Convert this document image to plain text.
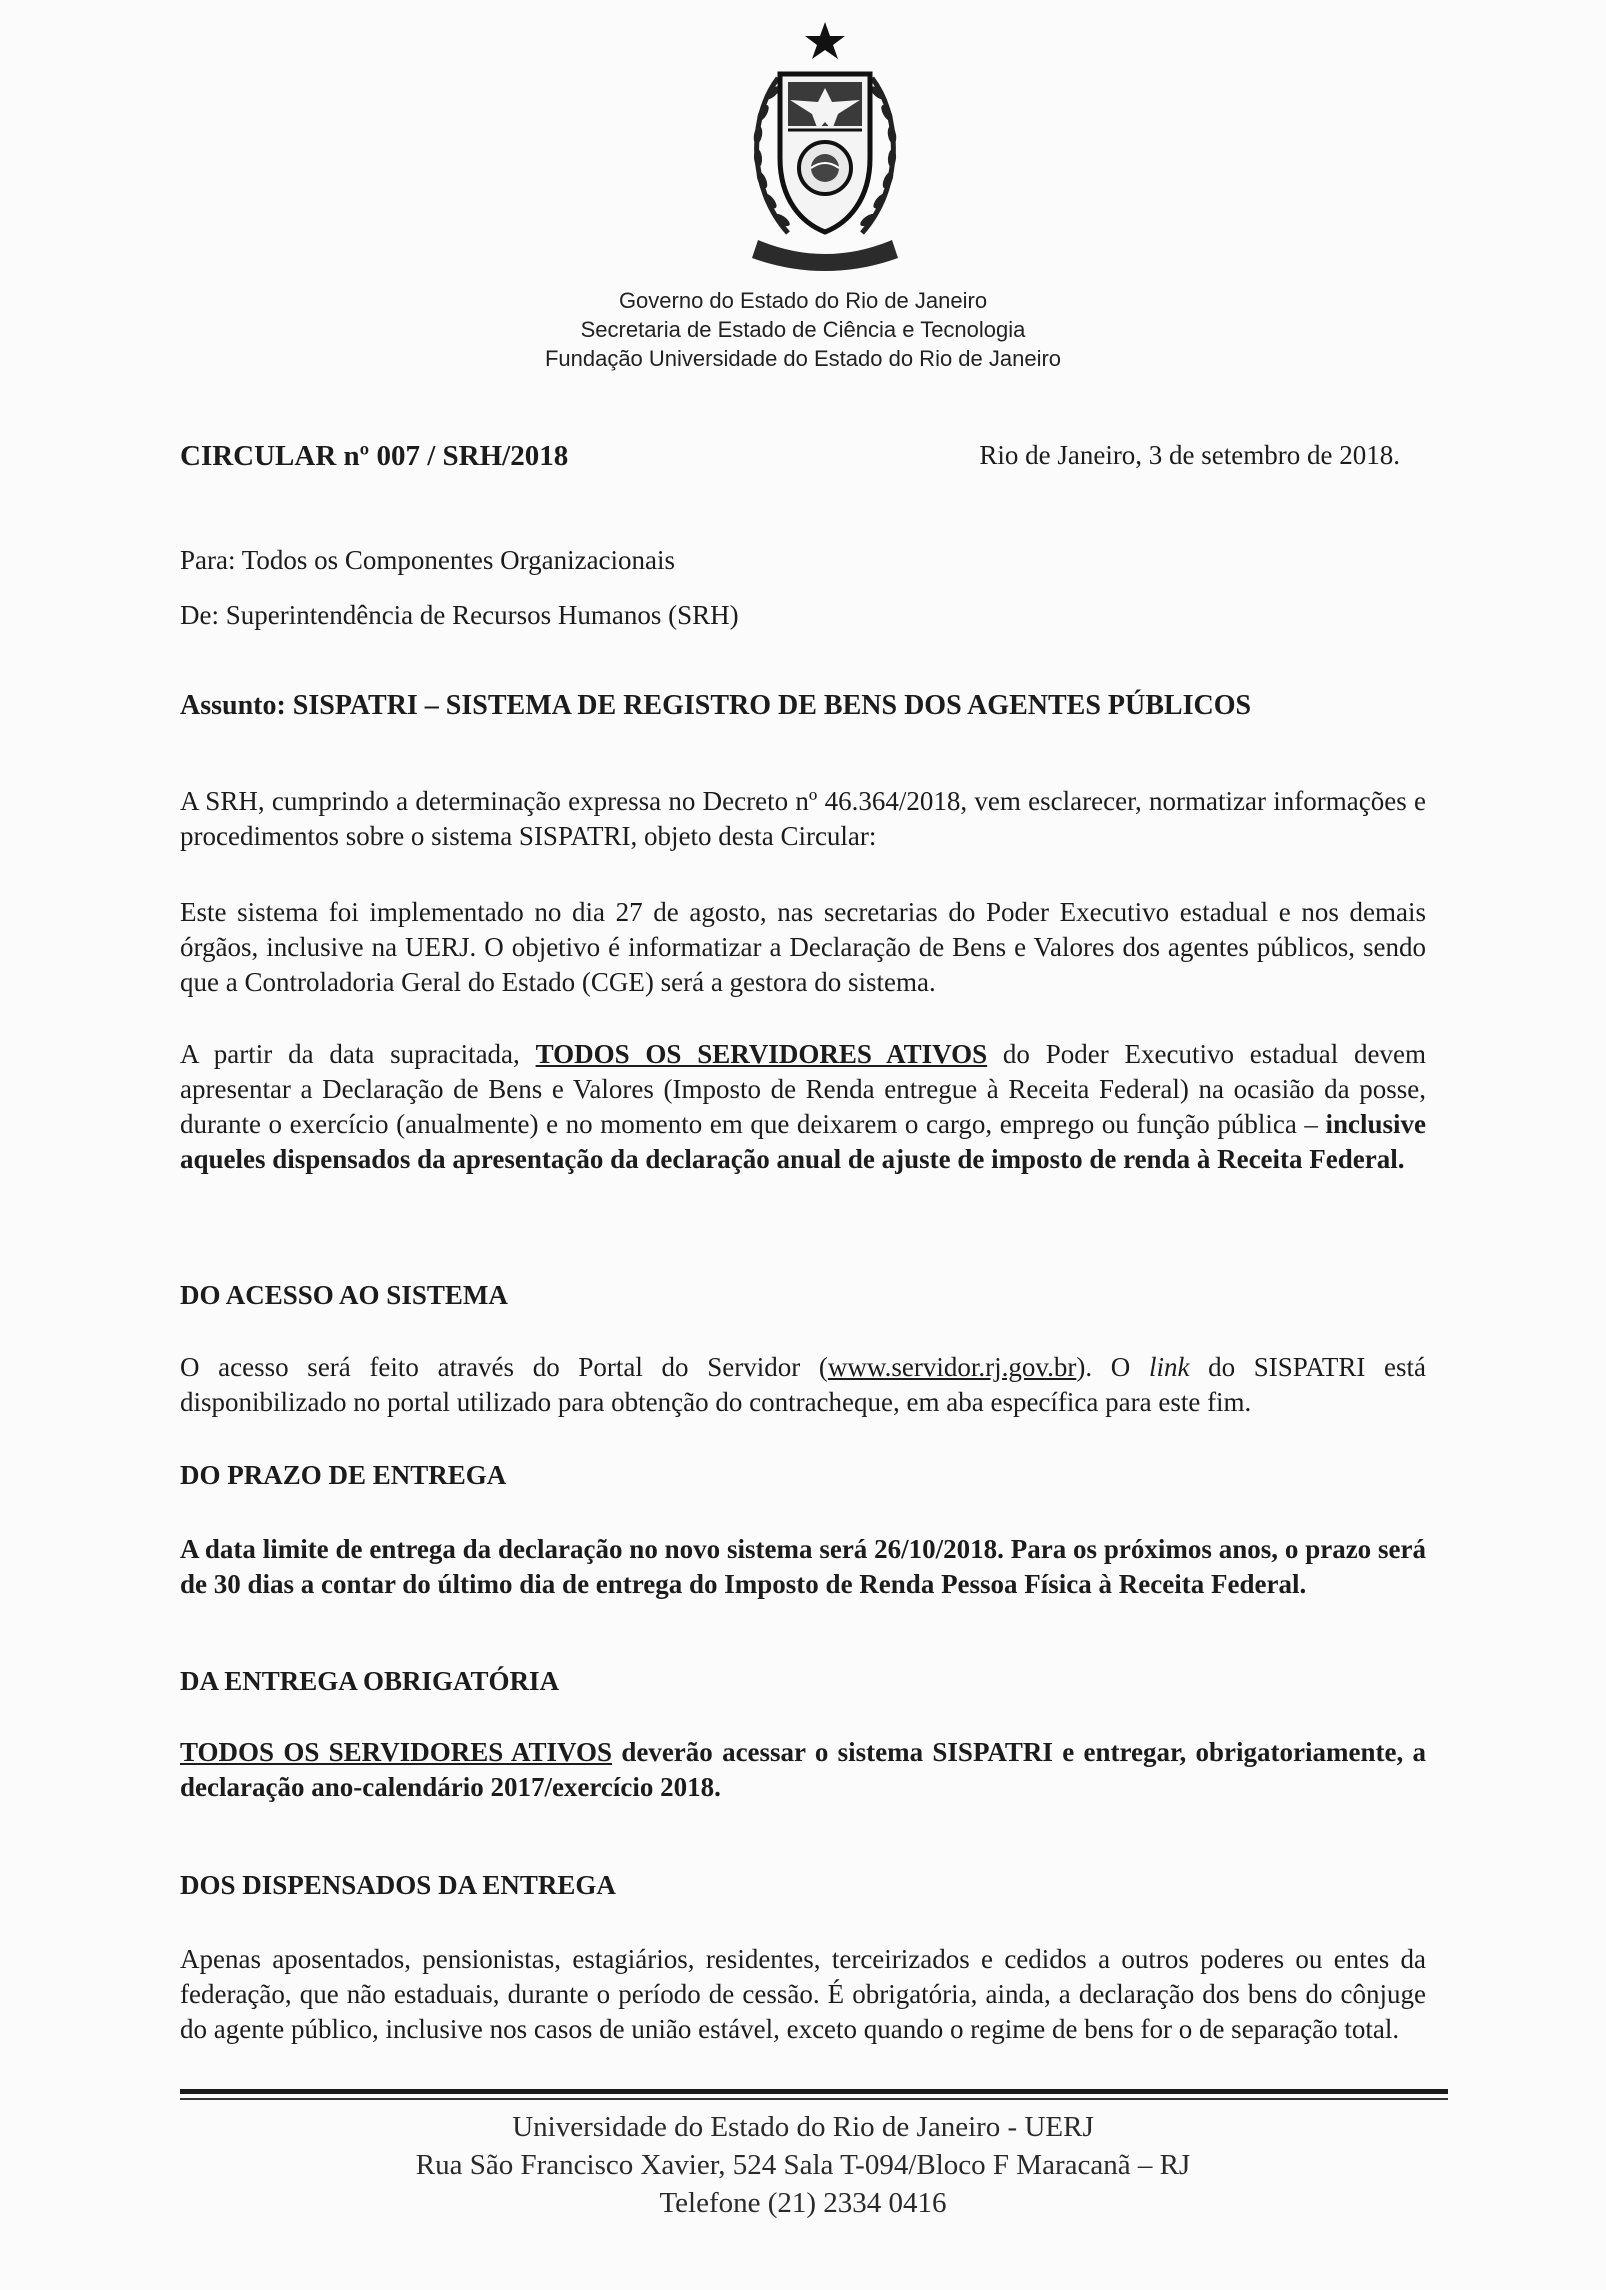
Governo do Estado do Rio de Janeiro
Secretaria de Estado de Ciência e Tecnologia
Fundação Universidade do Estado do Rio de Janeiro
CIRCULAR nº 007 / SRH/2018	Rio de Janeiro, 3 de setembro de 2018.
Para: Todos os Componentes Organizacionais
De: Superintendência de Recursos Humanos (SRH)
Assunto: SISPATRI – SISTEMA DE REGISTRO DE BENS DOS AGENTES PÚBLICOS
A SRH, cumprindo a determinação expressa no Decreto nº 46.364/2018, vem esclarecer, normatizar informações e procedimentos sobre o sistema SISPATRI, objeto desta Circular:
Este sistema foi implementado no dia 27 de agosto, nas secretarias do Poder Executivo estadual e nos demais órgãos, inclusive na UERJ. O objetivo é informatizar a Declaração de Bens e Valores dos agentes públicos, sendo que a Controladoria Geral do Estado (CGE) será a gestora do sistema.
A partir da data supracitada, TODOS OS SERVIDORES ATIVOS do Poder Executivo estadual devem apresentar a Declaração de Bens e Valores (Imposto de Renda entregue à Receita Federal) na ocasião da posse, durante o exercício (anualmente) e no momento em que deixarem o cargo, emprego ou função pública – inclusive aqueles dispensados da apresentação da declaração anual de ajuste de imposto de renda à Receita Federal.
DO ACESSO AO SISTEMA
O acesso será feito através do Portal do Servidor (www.servidor.rj.gov.br). O link do SISPATRI está disponibilizado no portal utilizado para obtenção do contracheque, em aba específica para este fim.
DO PRAZO DE ENTREGA
A data limite de entrega da declaração no novo sistema será 26/10/2018. Para os próximos anos, o prazo será de 30 dias a contar do último dia de entrega do Imposto de Renda Pessoa Física à Receita Federal.
DA ENTREGA OBRIGATÓRIA
TODOS OS SERVIDORES ATIVOS deverão acessar o sistema SISPATRI e entregar, obrigatoriamente, a declaração ano-calendário 2017/exercício 2018.
DOS DISPENSADOS DA ENTREGA
Apenas aposentados, pensionistas, estagiários, residentes, terceirizados e cedidos a outros poderes ou entes da federação, que não estaduais, durante o período de cessão. É obrigatória, ainda, a declaração dos bens do cônjuge do agente público, inclusive nos casos de união estável, exceto quando o regime de bens for o de separação total.
Universidade do Estado do Rio de Janeiro - UERJ
Rua São Francisco Xavier, 524 Sala T-094/Bloco F Maracanã – RJ
Telefone (21) 2334 0416
